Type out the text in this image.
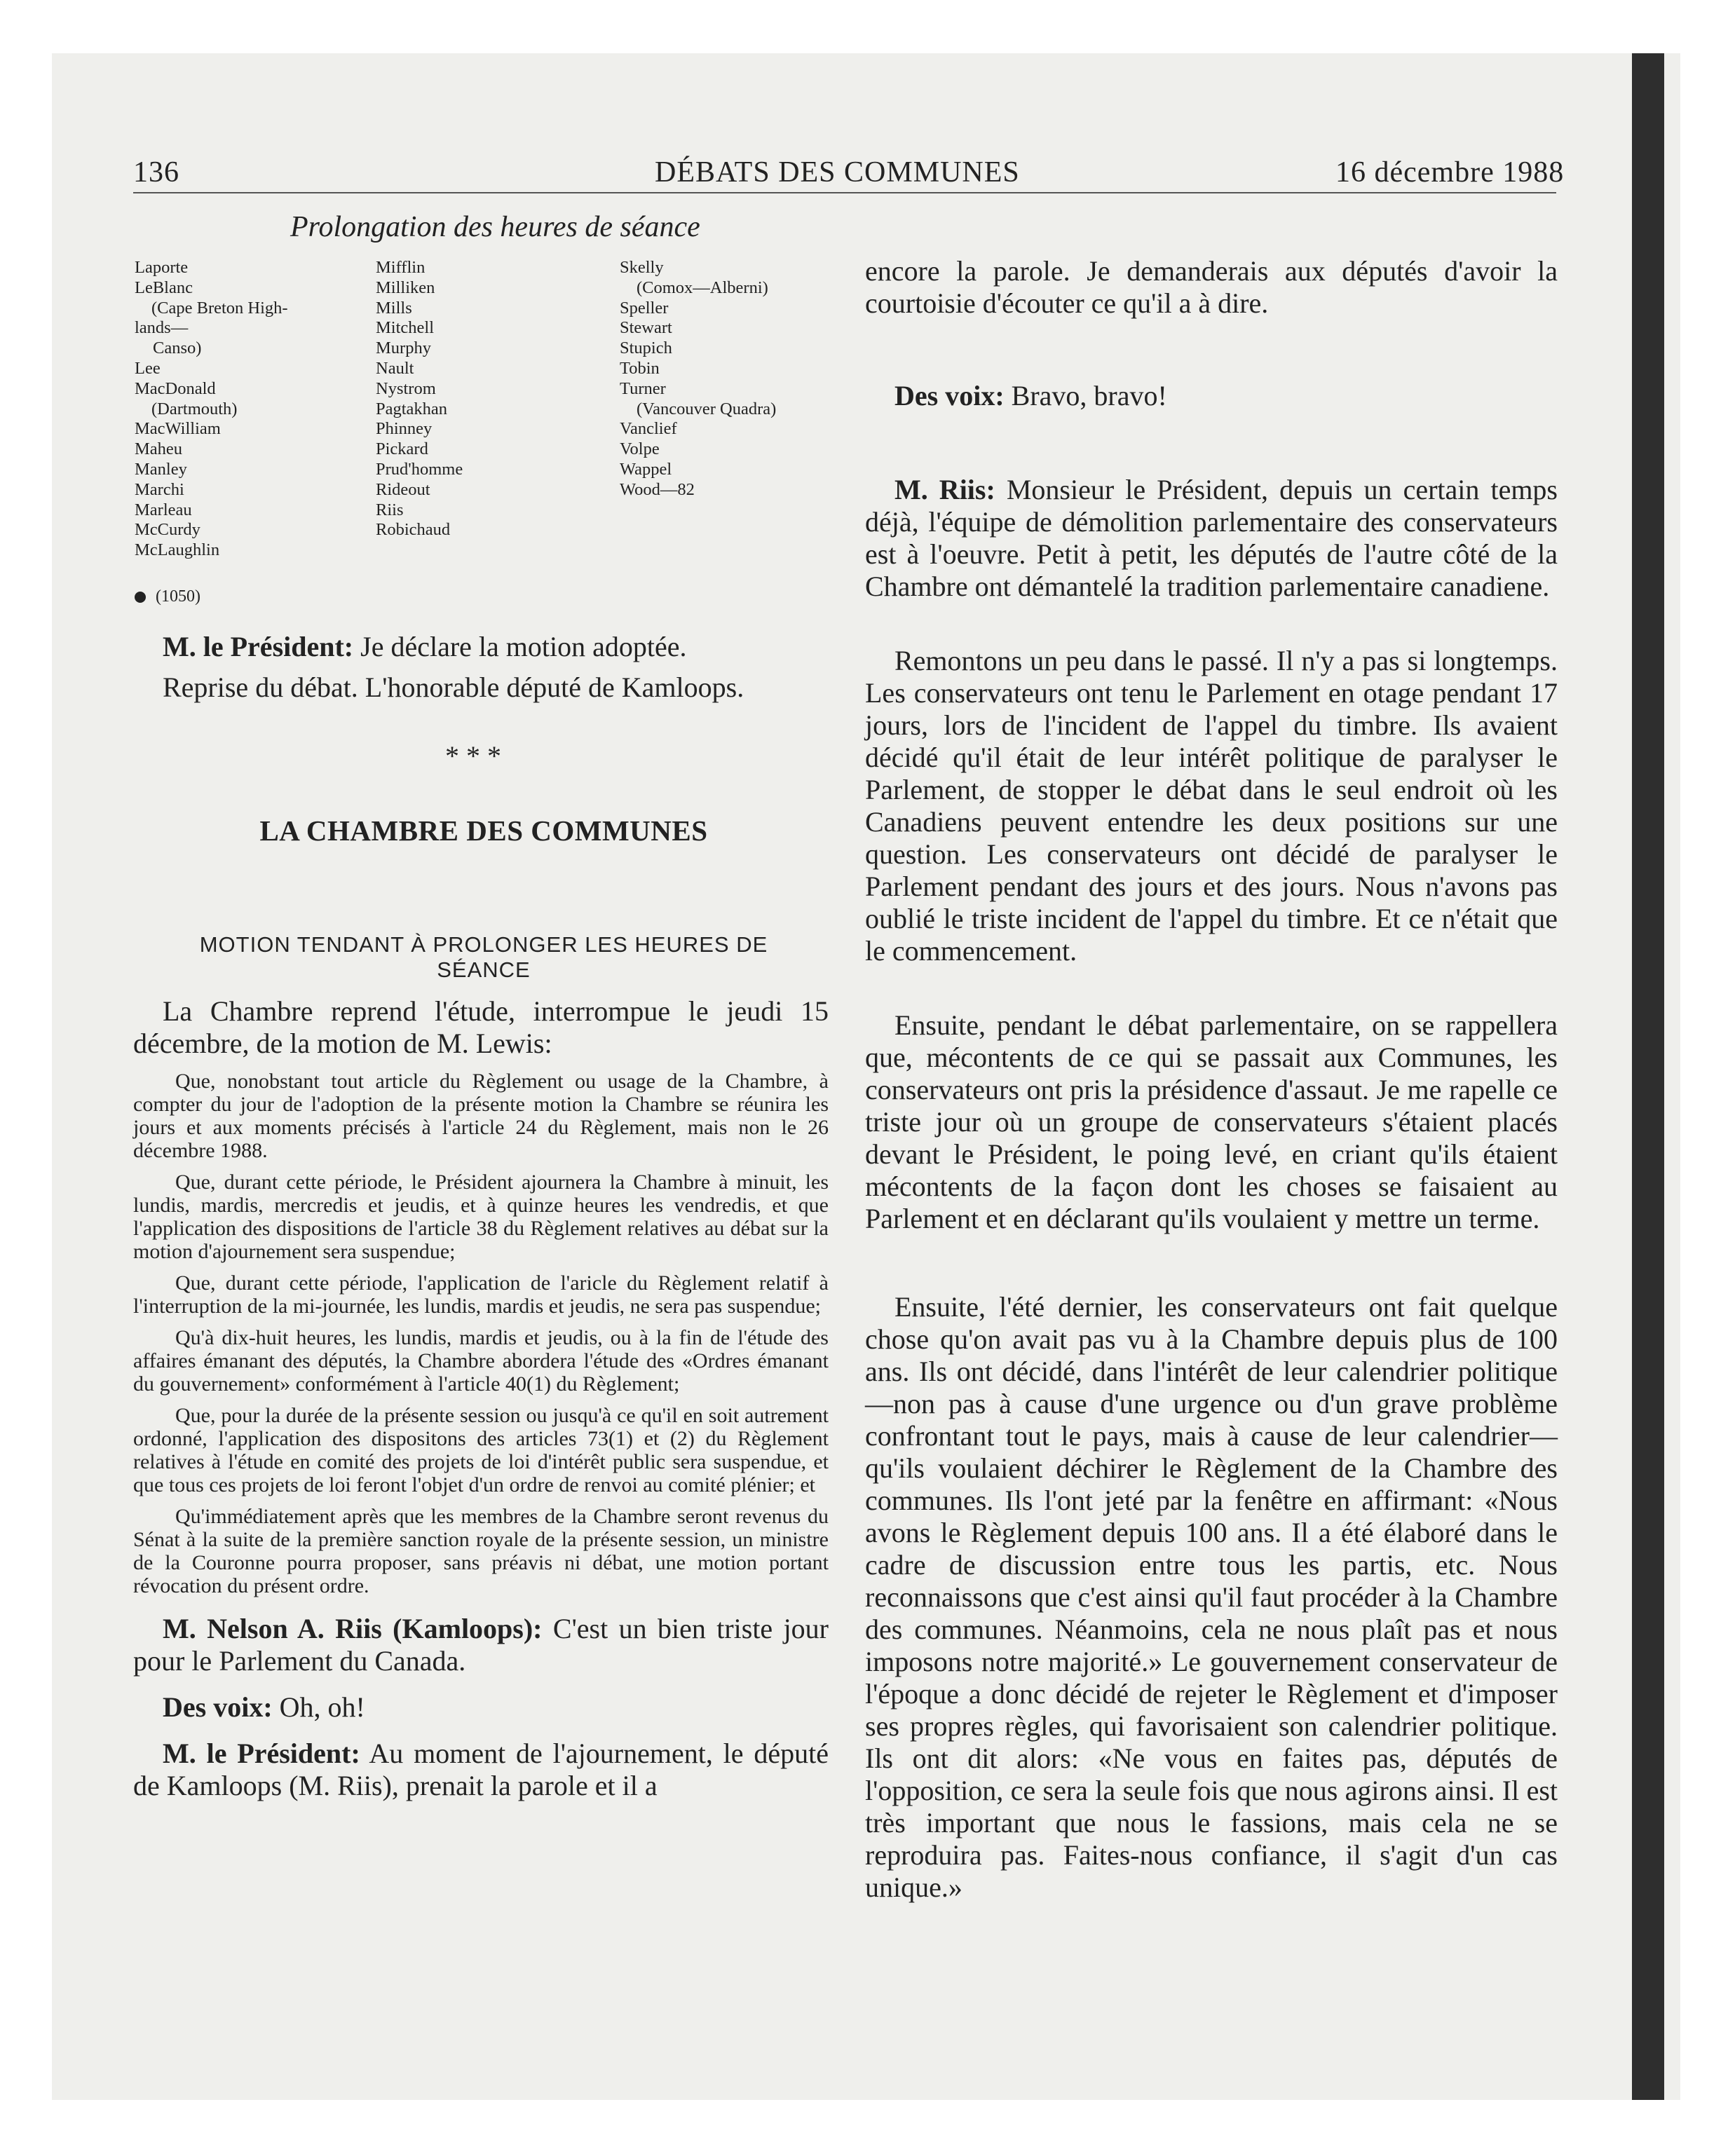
136	DÉBATS DES COMMUNES	16 décembre 1988
Prolongation des heures de séance
Laporte
LeBlanc
(Cape Breton High-
lands—
Canso)
Lee
MacDonald
(Dartmouth)
MacWilliam
Maheu
Manley
Marchi
Marleau
McCurdy
McLaughlin
Mifflin
Milliken
Mills
Mitchell
Murphy
Nault
Nystrom
Pagtakhan
Phinney
Pickard
Prud'homme
Rideout
Riis
Robichaud
Skelly
(Comox—Alberni)
Speller
Stewart
Stupich
Tobin
Turner
(Vancouver Quadra)
Vanclief
Volpe
Wappel
Wood—82
(1050)

M. le Président: Je déclare la motion adoptée.

Reprise du débat. L'honorable député de Kamloops.

* * *

LA CHAMBRE DES COMMUNES

MOTION TENDANT À PROLONGER LES HEURES DE SÉANCE

La Chambre reprend l'étude, interrompue le jeudi 15 décembre, de la motion de M. Lewis:

Que, nonobstant tout article du Règlement ou usage de la Chambre, à compter du jour de l'adoption de la présente motion la Chambre se réunira les jours et aux moments précisés à l'article 24 du Règlement, mais non le 26 décembre 1988.

Que, durant cette période, le Président ajournera la Chambre à minuit, les lundis, mardis, mercredis et jeudis, et à quinze heures les vendredis, et que l'application des dispositions de l'article 38 du Règlement relatives au débat sur la motion d'ajournement sera suspendue;

Que, durant cette période, l'application de l'aricle du Règlement relatif à l'interruption de la mi-journée, les lundis, mardis et jeudis, ne sera pas suspendue;

Qu'à dix-huit heures, les lundis, mardis et jeudis, ou à la fin de l'étude des affaires émanant des députés, la Chambre abordera l'étude des «Ordres émanant du gouvernement» conformément à l'article 40(1) du Règlement;

Que, pour la durée de la présente session ou jusqu'à ce qu'il en soit autrement ordonné, l'application des dispositons des articles 73(1) et (2) du Règlement relatives à l'étude en comité des projets de loi d'intérêt public sera suspendue, et que tous ces projets de loi feront l'objet d'un ordre de renvoi au comité plénier; et

Qu'immédiatement après que les membres de la Chambre seront revenus du Sénat à la suite de la première sanction royale de la présente session, un ministre de la Couronne pourra proposer, sans préavis ni débat, une motion portant révocation du présent ordre.

M. Nelson A. Riis (Kamloops): C'est un bien triste jour pour le Parlement du Canada.

Des voix: Oh, oh!

M. le Président: Au moment de l'ajournement, le député de Kamloops (M. Riis), prenait la parole et il a

encore la parole. Je demanderais aux députés d'avoir la courtoisie d'écouter ce qu'il a à dire.

Des voix: Bravo, bravo!

M. Riis: Monsieur le Président, depuis un certain temps déjà, l'équipe de démolition parlementaire des conservateurs est à l'oeuvre. Petit à petit, les députés de l'autre côté de la Chambre ont démantelé la tradition parlementaire canadiene.

Remontons un peu dans le passé. Il n'y a pas si longtemps. Les conservateurs ont tenu le Parlement en otage pendant 17 jours, lors de l'incident de l'appel du timbre. Ils avaient décidé qu'il était de leur intérêt politique de paralyser le Parlement, de stopper le débat dans le seul endroit où les Canadiens peuvent entendre les deux positions sur une question. Les conservateurs ont décidé de paralyser le Parlement pendant des jours et des jours. Nous n'avons pas oublié le triste incident de l'appel du timbre. Et ce n'était que le commencement.

Ensuite, pendant le débat parlementaire, on se rappellera que, mécontents de ce qui se passait aux Communes, les conservateurs ont pris la présidence d'assaut. Je me rapelle ce triste jour où un groupe de conservateurs s'étaient placés devant le Président, le poing levé, en criant qu'ils étaient mécontents de la façon dont les choses se faisaient au Parlement et en déclarant qu'ils voulaient y mettre un terme.

Ensuite, l'été dernier, les conservateurs ont fait quelque chose qu'on avait pas vu à la Chambre depuis plus de 100 ans. Ils ont décidé, dans l'intérêt de leur calendrier politique—non pas à cause d'une urgence ou d'un grave problème confrontant tout le pays, mais à cause de leur calendrier—qu'ils voulaient déchirer le Règlement de la Chambre des communes. Ils l'ont jeté par la fenêtre en affirmant: «Nous avons le Règlement depuis 100 ans. Il a été élaboré dans le cadre de discussion entre tous les partis, etc. Nous reconnaissons que c'est ainsi qu'il faut procéder à la Chambre des communes. Néanmoins, cela ne nous plaît pas et nous imposons notre majorité.» Le gouvernement conservateur de l'époque a donc décidé de rejeter le Règlement et d'imposer ses propres règles, qui favorisaient son calendrier politique. Ils ont dit alors: «Ne vous en faites pas, députés de l'opposition, ce sera la seule fois que nous agirons ainsi. Il est très important que nous le fassions, mais cela ne se reproduira pas. Faites-nous confiance, il s'agit d'un cas unique.»
